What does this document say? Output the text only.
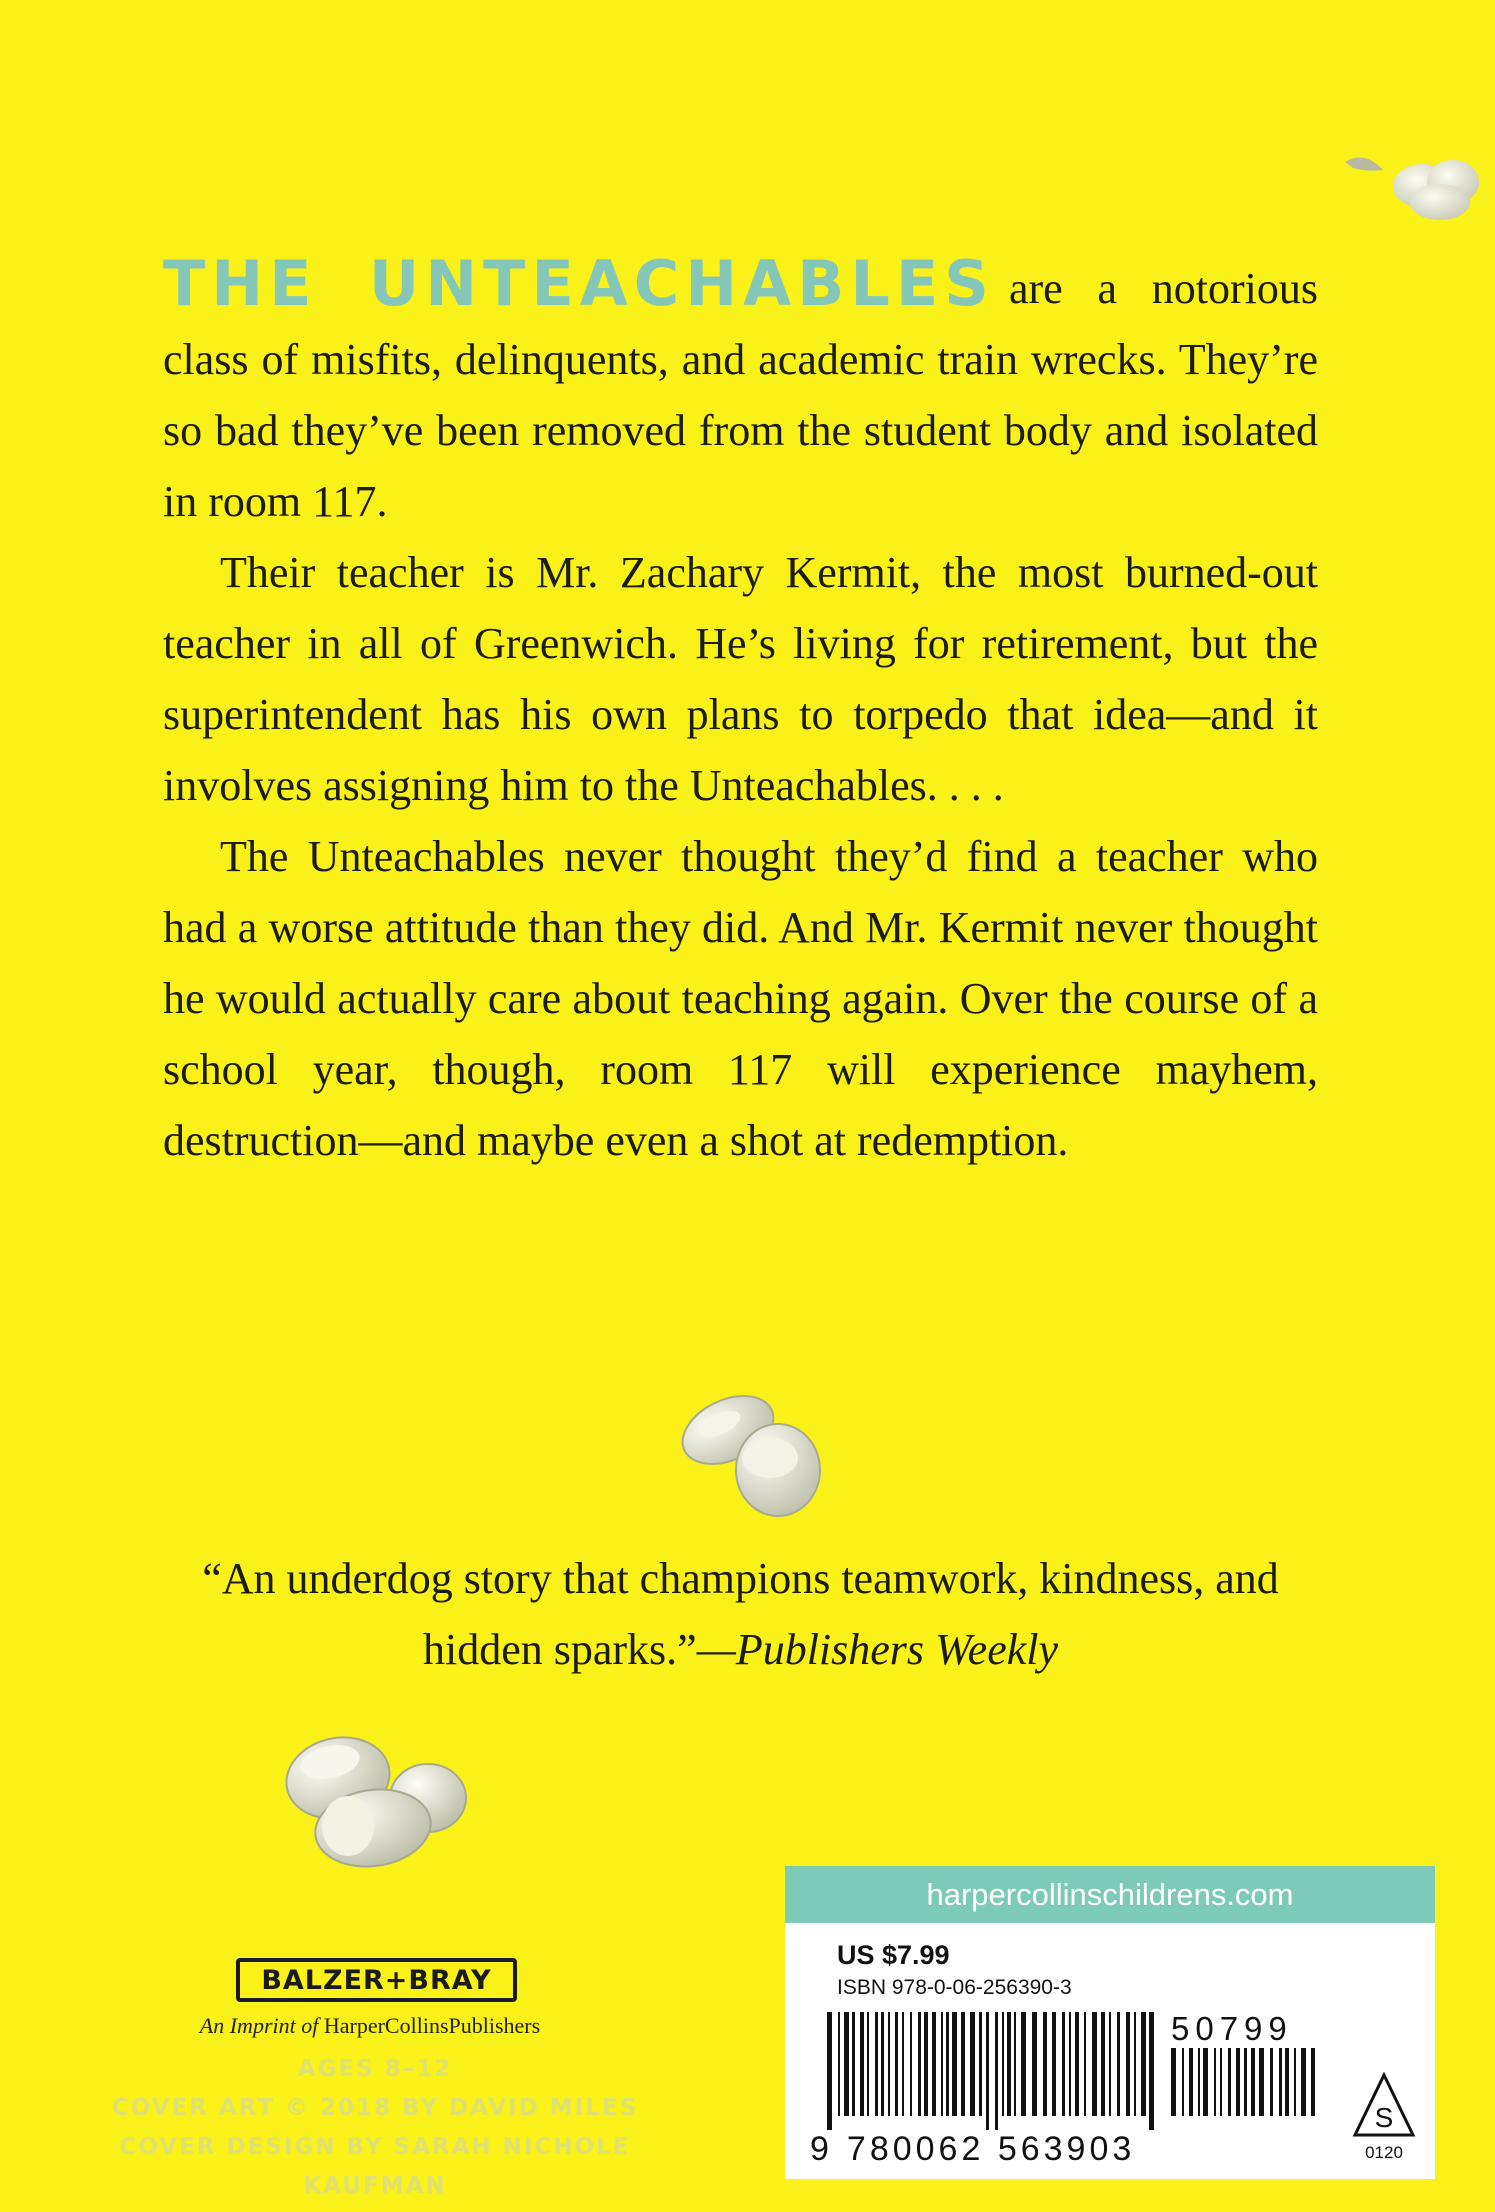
THE UNTEACHABLES are a notorious class of misfits, delinquents, and academic train wrecks. They’re so bad they’ve been removed from the student body and isolated in room 117.

Their teacher is Mr. Zachary Kermit, the most burned-out teacher in all of Greenwich. He’s living for retirement, but the superintendent has his own plans to torpedo that idea—and it involves assigning him to the Unteachables. . . .

The Unteachables never thought they’d find a teacher who had a worse attitude than they did. And Mr. Kermit never thought he would actually care about teaching again. Over the course of a school year, though, room 117 will experience mayhem, destruction—and maybe even a shot at redemption.

“An underdog story that champions teamwork, kindness, and hidden sparks.”—Publishers Weekly
BALZER+BRAY
An Imprint of HarperCollinsPublishers
AGES 8–12
COVER ART © 2018 BY DAVID MILES
COVER DESIGN BY SARAH NICHOLE KAUFMAN
harpercollinschildrens.com
US $7.99
ISBN 978-0-06-256390-3
50799
9 780062 563903
S
0120
